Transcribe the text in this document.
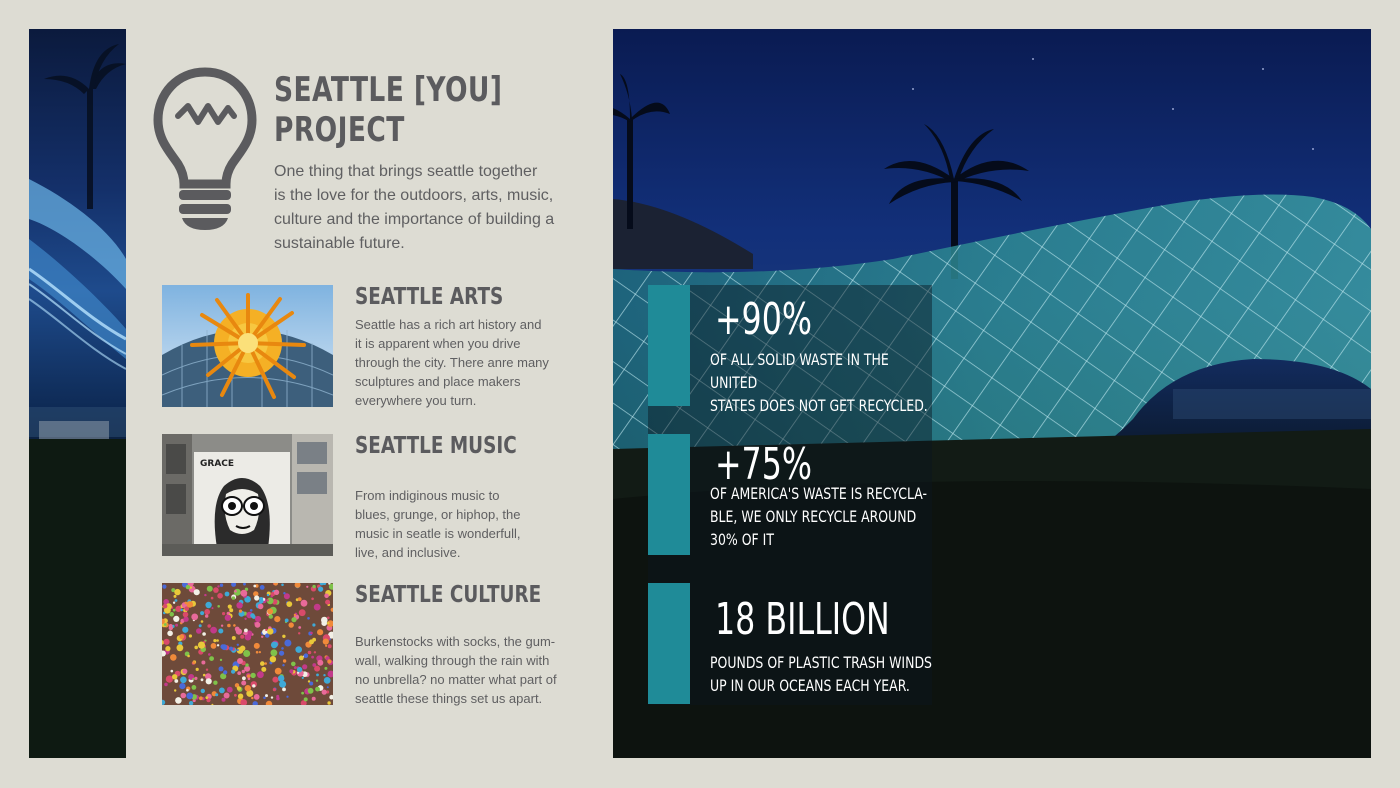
SEATTLE [YOU]
PROJECT

One thing that brings seattle together
is the love for the outdoors, arts, music,
culture and the importance of building a
sustainable future.

SEATTLE ARTS

Seattle has a rich art history and
it is apparent when you drive
through the city. There anre many
sculptures and place makers
everywhere you turn.

GRACE
SEATTLE MUSIC

From indiginous music to
blues, grunge, or hiphop, the
music in seatle is wonderfull,
live, and inclusive.

SEATTLE CULTURE

Burkenstocks with socks, the gum-
wall, walking through the rain with
no unbrella? no matter what part of
seattle these things set us apart.

+90%

OF ALL SOLID WASTE IN THE UNITED
STATES DOES NOT GET RECYCLED.

+75%

OF AMERICA'S WASTE IS RECYCLA-
BLE, WE ONLY RECYCLE AROUND
30% OF IT

18 BILLION

POUNDS OF PLASTIC TRASH WINDS
UP IN OUR OCEANS EACH YEAR.
